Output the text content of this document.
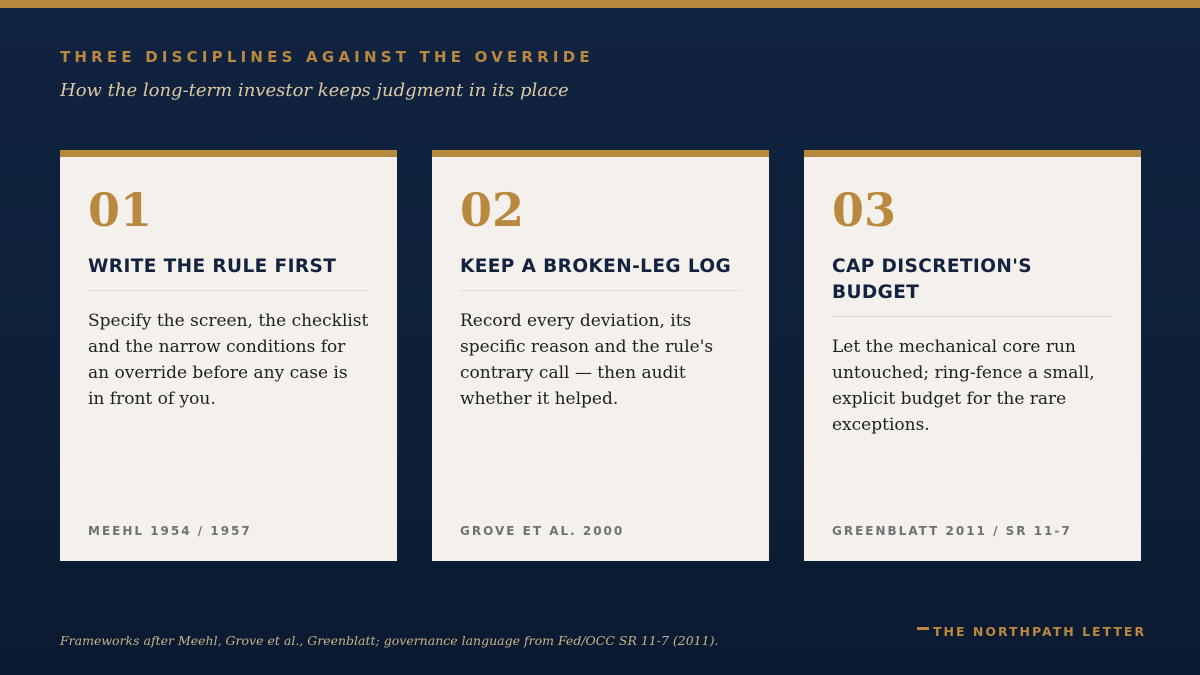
THREE DISCIPLINES AGAINST THE OVERRIDE
How the long-term investor keeps judgment in its place
01
WRITE THE RULE FIRST
Specify the screen, the checklist and the narrow conditions for an override before any case is in front of you.
MEEHL 1954 / 1957
02
KEEP A BROKEN-LEG LOG
Record every deviation, its specific reason and the rule's contrary call — then audit whether it helped.
GROVE ET AL. 2000
03
CAP DISCRETION'S BUDGET
Let the mechanical core run untouched; ring-fence a small, explicit budget for the rare exceptions.
GREENBLATT 2011 / SR 11-7
Frameworks after Meehl, Grove et al., Greenblatt; governance language from Fed/OCC SR 11-7 (2011).
THE NORTHPATH LETTER
